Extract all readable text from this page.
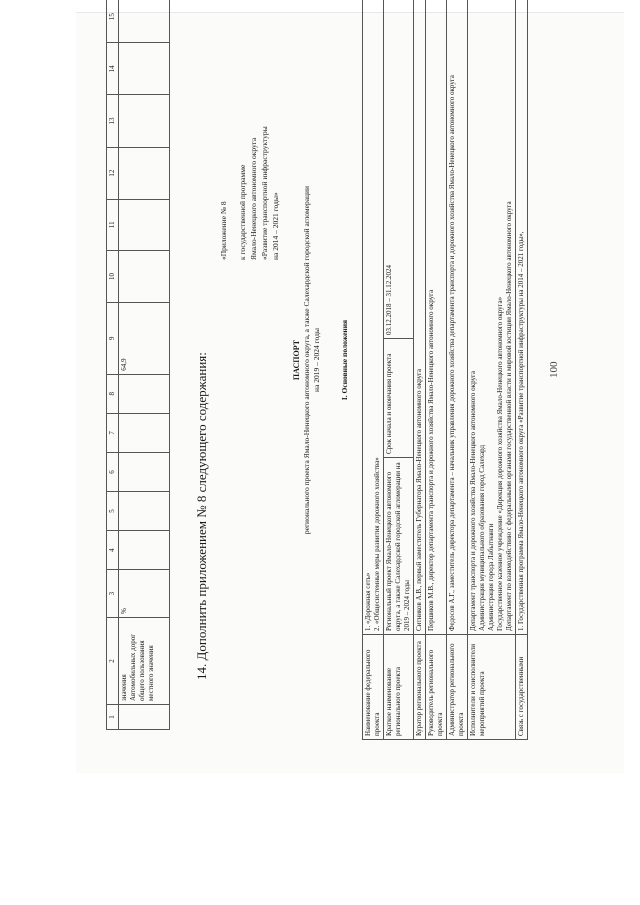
100
1	2	3	4	5	6	7	8	9	10	11	12	13	14	15
	значения
Автомобильных дорог общего пользования местного значения	%						64,9							14. Дополнить приложением № 8 следующего содержания:
«Приложение № 8 к государственной программе Ямало-Ненецкого автономного округа «Развитие транспортной инфраструктуры на 2014 – 2021 годы»
ПАСПОРТ регионального проекта Ямало-Ненецкого автономного округа, а также Салехардской городской агломерации на 2019 – 2024 годы	I. Основные положения
Наименование федерального проекта	1. «Дорожная сеть» 2. «Общесистемные меры развития дорожного хозяйства»		

Краткое наименование регионального проекта	Региональный проект Ямало-Ненецкого автономного округа, а также Салехардской городской агломерации на 2019 – 2024 годы	Срок начала и окончания проекта	03.12.2018 – 31.12.2024
Куратор регионального проекта	Ситников А.В., первый заместитель Губернатора Ямало-Ненецкого автономного округа		
Руководитель регионального проекта	Першиков М.В., директор департамента транспорта и дорожного хозяйства Ямало-Ненецкого автономного округа		
Администратор регионального проекта	Федосов А.Г., заместитель директора департамента – начальник управления дорожного хозяйства департамента транспорта и дорожного хозяйства Ямало-Ненецкого автономного округа		
Исполнители и соисполнители мероприятий проекта	Департамент транспорта и дорожного хозяйства Ямало-Ненецкого автономного округа Администрация муниципального образования город Салехард Администрация города Лабытнанги Государственное казенное учреждение «Дирекция дорожного хозяйства Ямало-Ненецкого автономного округа» Департамент по взаимодействию с федеральными органами государственной власти и мировой юстиции Ямало-Ненецкого автономного округа		

Связь с государственными	1. Государственная программа Ямало-Ненецкого автономного округа «Развитие транспортной инфраструктуры на 2014 – 2021 годы»,		
